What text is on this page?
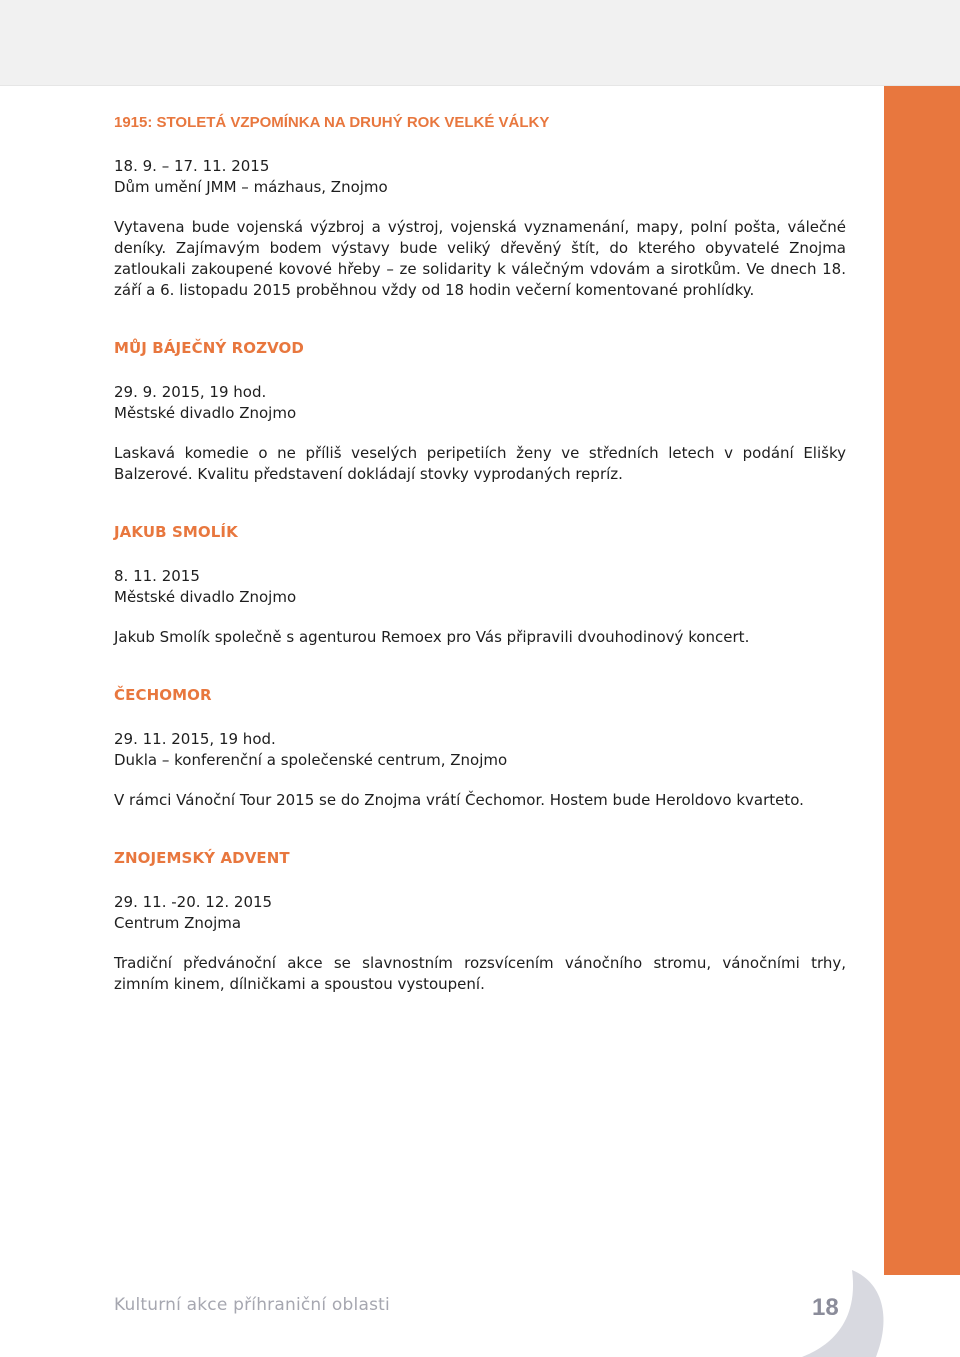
1915: STOLETÁ VZPOMÍNKA NA DRUHÝ ROK VELKÉ VÁLKY
18. 9. – 17. 11. 2015
Dům umění JMM – mázhaus, Znojmo

Vytavena bude vojenská výzbroj a výstroj, vojenská vyznamenání, mapy, polní pošta, válečné deníky. Zajímavým bodem výstavy bude veliký dřevěný štít, do kterého obyvatelé Znojma zatloukali zakoupené kovové hřeby – ze solidarity k válečným vdovám a sirotkům. Ve dnech 18. září a 6. listopadu 2015 proběhnou vždy od 18 hodin večerní komentované prohlídky.

MŮJ BÁJEČNÝ ROZVOD
29. 9. 2015, 19 hod.
Městské divadlo Znojmo

Laskavá komedie o ne příliš veselých peripetiích ženy ve středních letech v podání Elišky Balzerové. Kvalitu představení dokládají stovky vyprodaných repríz.

JAKUB SMOLÍK
8. 11. 2015
Městské divadlo Znojmo

Jakub Smolík společně s agenturou Remoex pro Vás připravili dvouhodinový koncert.

ČECHOMOR
29. 11. 2015, 19 hod.
Dukla – konferenční a společenské centrum, Znojmo

V rámci Vánoční Tour 2015 se do Znojma vrátí Čechomor. Hostem bude Heroldovo kvarteto.

ZNOJEMSKÝ ADVENT
29. 11. -20. 12. 2015
Centrum Znojma

Tradiční předvánoční akce se slavnostním rozsvícením vánočního stromu, vánočními trhy, zimním kinem, dílničkami a spoustou vystoupení.

Kulturní akce příhraniční oblasti	18
